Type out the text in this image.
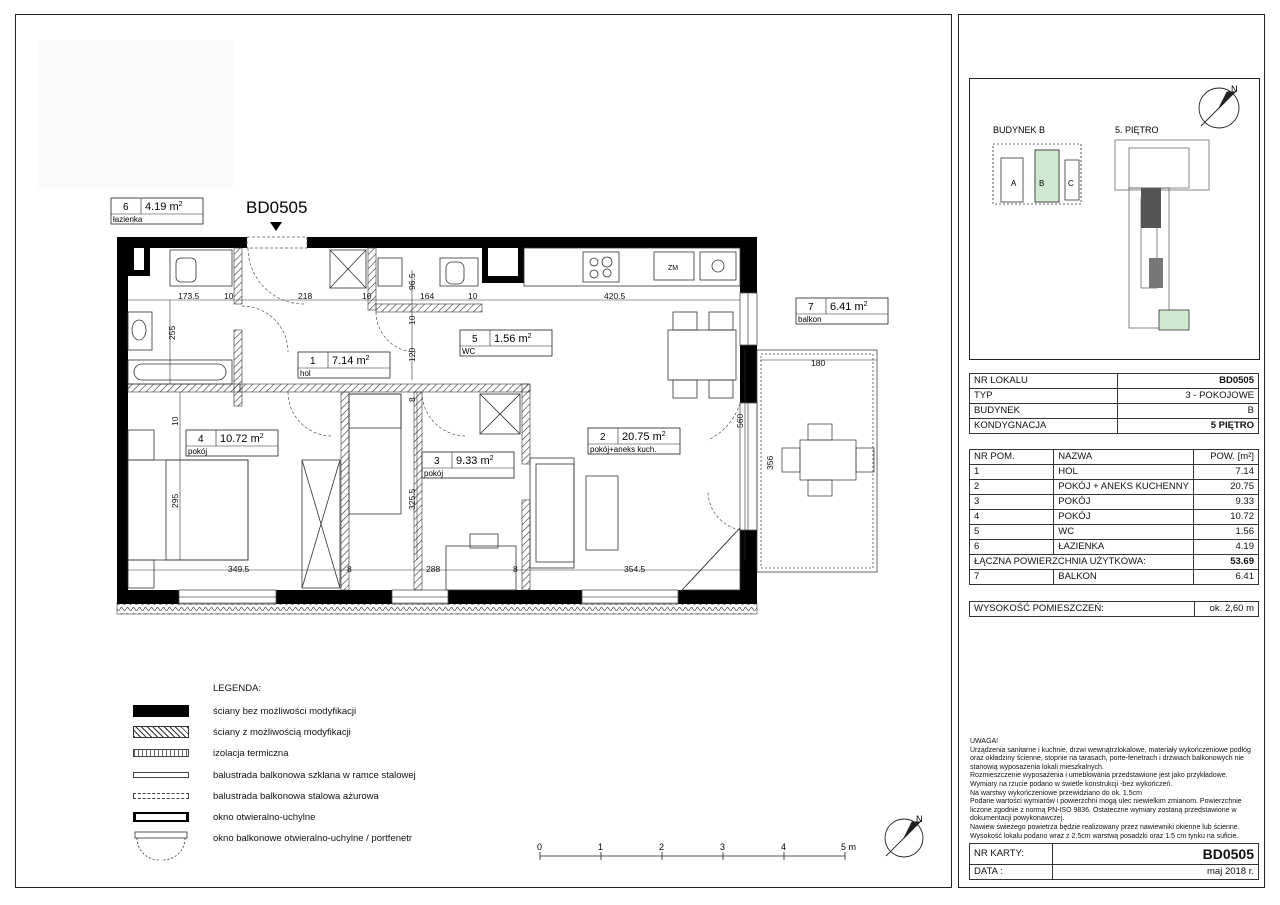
ZM
173.5	10	218	10	164	10	420.5
349.5	8	288	8	354.5
180
255
10
295
96.5
10
120
8
325.5
560
356
BD0505
1 7.14 $m^2$
hol
2 20.75 $m^2$
pokój+aneks kuch.
3 9.33 $m^2$
pokój
4 10.72 $m^2$
pokój
5 1.56 $m^2$
WC
6 4.19 $m^2$
łazienka
7 6.41 $m^2$
balkon
BUDYNEK B	5. PIĘTRO
A	B	C
N
NR LOKALU	BD0505
TYP	3 - POKOJOWE
BUDYNEK	B
KONDYGNACJA	5 PIĘTRO
NR POM.	NAZWA	POW. [m²]
1	HOL	7.14
2	POKÓJ + ANEKS KUCHENNY	20.75
3	POKÓJ	9.33
4	POKÓJ	10.72
5	WC	1.56
6	ŁAZIENKA	4.19
ŁĄCZNA POWIERZCHNIA UŻYTKOWA:		53.69
7	BALKON	6.41
WYSOKOŚĆ POMIESZCZEŃ:	ok. 2,60 m
LEGENDA:
ściany bez możliwości modyfikacji
ściany z możliwością modyfikacji
izolacja termiczna
balustrada balkonowa szklana w ramce stalowej
balustrada balkonowa stalowa ażurowa
okno otwieralno-uchylne
okno balkonowe otwieralno-uchylne / portfenetr
0	1	2	3	4	5 m
N
UWAGA!
Urządzenia sanitarne i kuchnie, drzwi wewnątrzlokalowe, materiały wykończeniowe podłóg oraz okładziny ścienne, stopnie na tarasach, porte-fenetrach i drzwiach balkonowych nie stanowią wyposażenia lokali mieszkalnych.
Rozmieszczenie wyposażenia i umeblowania przedstawione jest jako przykładowe.
Wymiary na rzucie podano w świetle konstrukcji -bez wykończeń.
Na warstwy wykończeniowe przewidziano do ok. 1.5cm
Podane wartości wymiarów i powierzchni mogą ulec niewielkim zmianom. Powierzchnie liczone zgodnie z normą PN-ISO 9836. Ostateczne wymiary zostaną przedstawione w dokumentacji powykonawczej.
Nawiew świeżego powietrza będzie realizowany przez nawiewniki okienne lub ścienne.
Wysokość lokalu podano wraz z 2.5cm warstwą posadzki oraz 1.5 cm tynku na suficie.
NR KARTY:	BD0505
DATA :	maj 2018 r.
